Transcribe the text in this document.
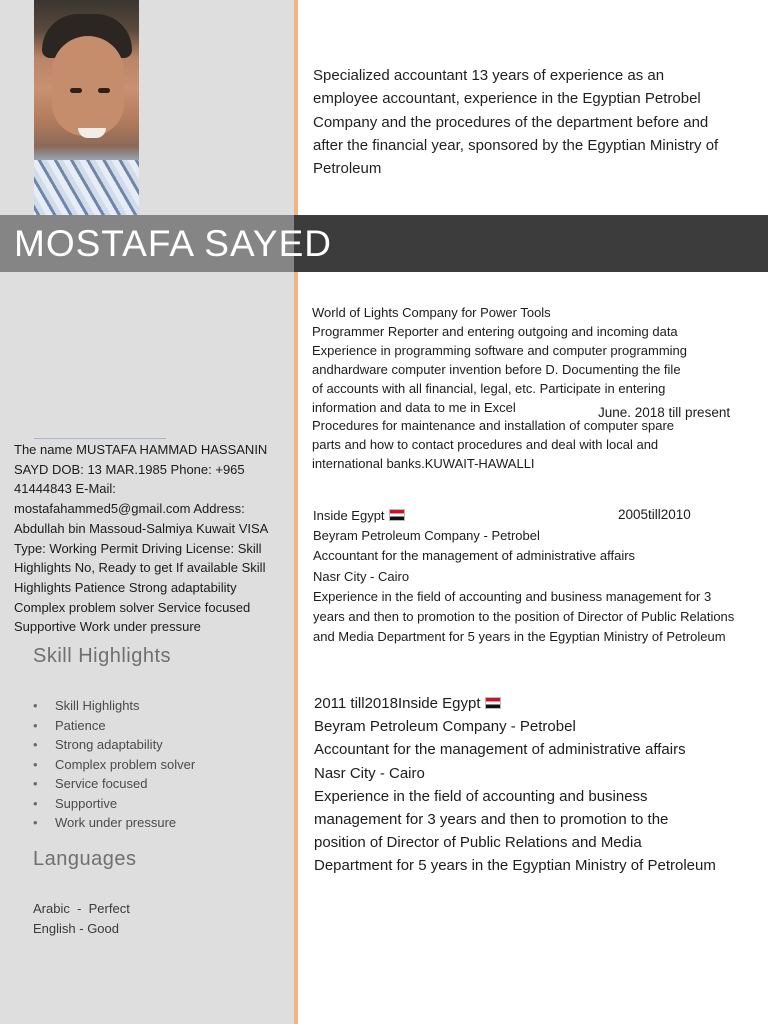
Specialized accountant 13 years of experience as an employee accountant, experience in the Egyptian Petrobel Company and the procedures of the department before and after the financial year, sponsored by the Egyptian Ministry of Petroleum
MOSTAFA SAYED
World of Lights Company for Power Tools
Programmer Reporter and entering outgoing and incoming data
Experience in programming software and computer programming
andhardware computer invention before D. Documenting the file
of accounts with all financial, legal, etc. Participate in entering
information and data to me in Excel
Procedures for maintenance and installation of computer spare
parts and how to contact procedures and deal with local and
international banks.KUWAIT-HAWALLI
June. 2018 till present
Inside Egypt
Beyram Petroleum Company - Petrobel
Accountant for the management of administrative affairs
Nasr City - Cairo
Experience in the field of accounting and business management for 3
years and then to promotion to the position of Director of Public Relations
and Media Department for 5 years in the Egyptian Ministry of Petroleum
2005till2010
2011 till2018Inside Egypt
Beyram Petroleum Company - Petrobel
Accountant for the management of administrative affairs
Nasr City - Cairo
Experience in the field of accounting and business
management for 3 years and then to promotion to the
position of Director of Public Relations and Media
Department for 5 years in the Egyptian Ministry of Petroleum
The name MUSTAFA HAMMAD HASSANIN SAYD DOB: 13 MAR.1985 Phone: +965 41444843 E-Mail: mostafahammed5@gmail.com Address: Abdullah bin Massoud-Salmiya Kuwait VISA Type: Working Permit Driving License: Skill Highlights No, Ready to get If available Skill Highlights Patience Strong adaptability Complex problem solver Service focused Supportive Work under pressure
Skill Highlights
• Skill Highlights
• Patience
• Strong adaptability
• Complex problem solver
• Service focused
• Supportive
• Work under pressure
Languages
Arabic  -  Perfect
English - Good
